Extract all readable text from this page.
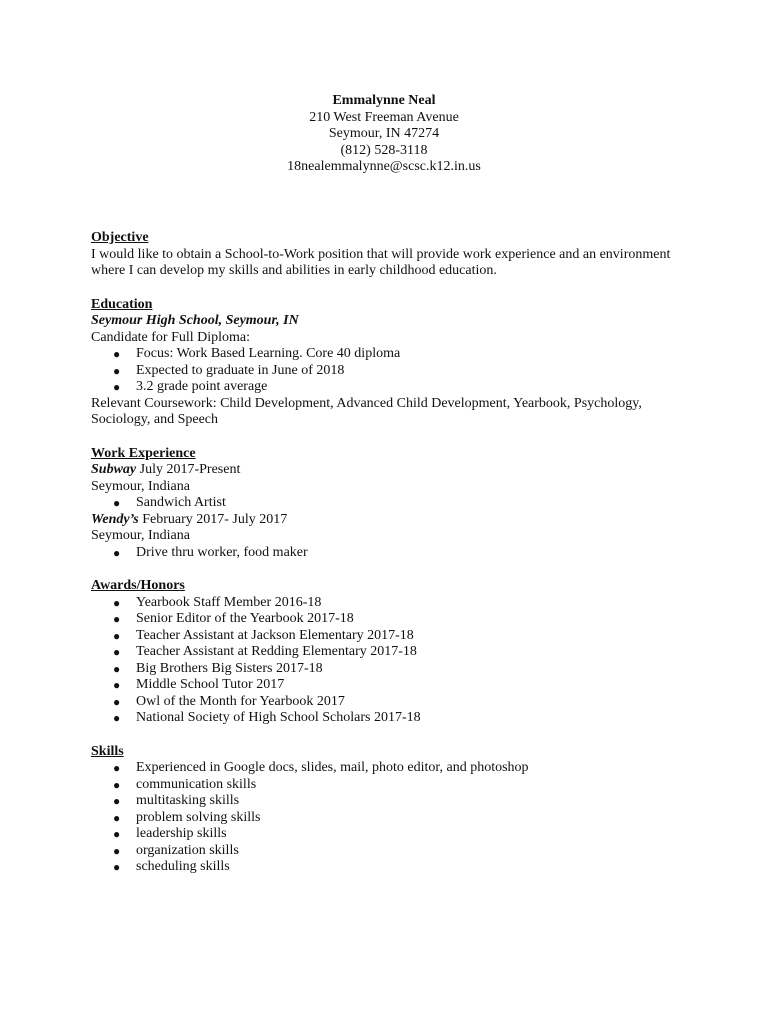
Emmalynne Neal
210 West Freeman Avenue
Seymour, IN 47274
(812) 528-3118
18nealemmalynne@scsc.k12.in.us
Objective
I would like to obtain a School-to-Work position that will provide work experience and an environment
where I can develop my skills and abilities in early childhood education.
Education
Seymour High School, Seymour, IN
Candidate for Full Diploma:
● Focus: Work Based Learning. Core 40 diploma
● Expected to graduate in June of 2018
● 3.2 grade point average
Relevant Coursework: Child Development, Advanced Child Development, Yearbook, Psychology,
Sociology, and Speech
Work Experience
Subway July 2017-Present
Seymour, Indiana
● Sandwich Artist
Wendy’s February 2017- July 2017
Seymour, Indiana
● Drive thru worker, food maker
Awards/Honors
● Yearbook Staff Member 2016-18
● Senior Editor of the Yearbook 2017-18
● Teacher Assistant at Jackson Elementary 2017-18
● Teacher Assistant at Redding Elementary 2017-18
● Big Brothers Big Sisters 2017-18
● Middle School Tutor 2017
● Owl of the Month for Yearbook 2017
● National Society of High School Scholars 2017-18
Skills
● Experienced in Google docs, slides, mail, photo editor, and photoshop
● communication skills
● multitasking skills
● problem solving skills
● leadership skills
● organization skills
● scheduling skills
